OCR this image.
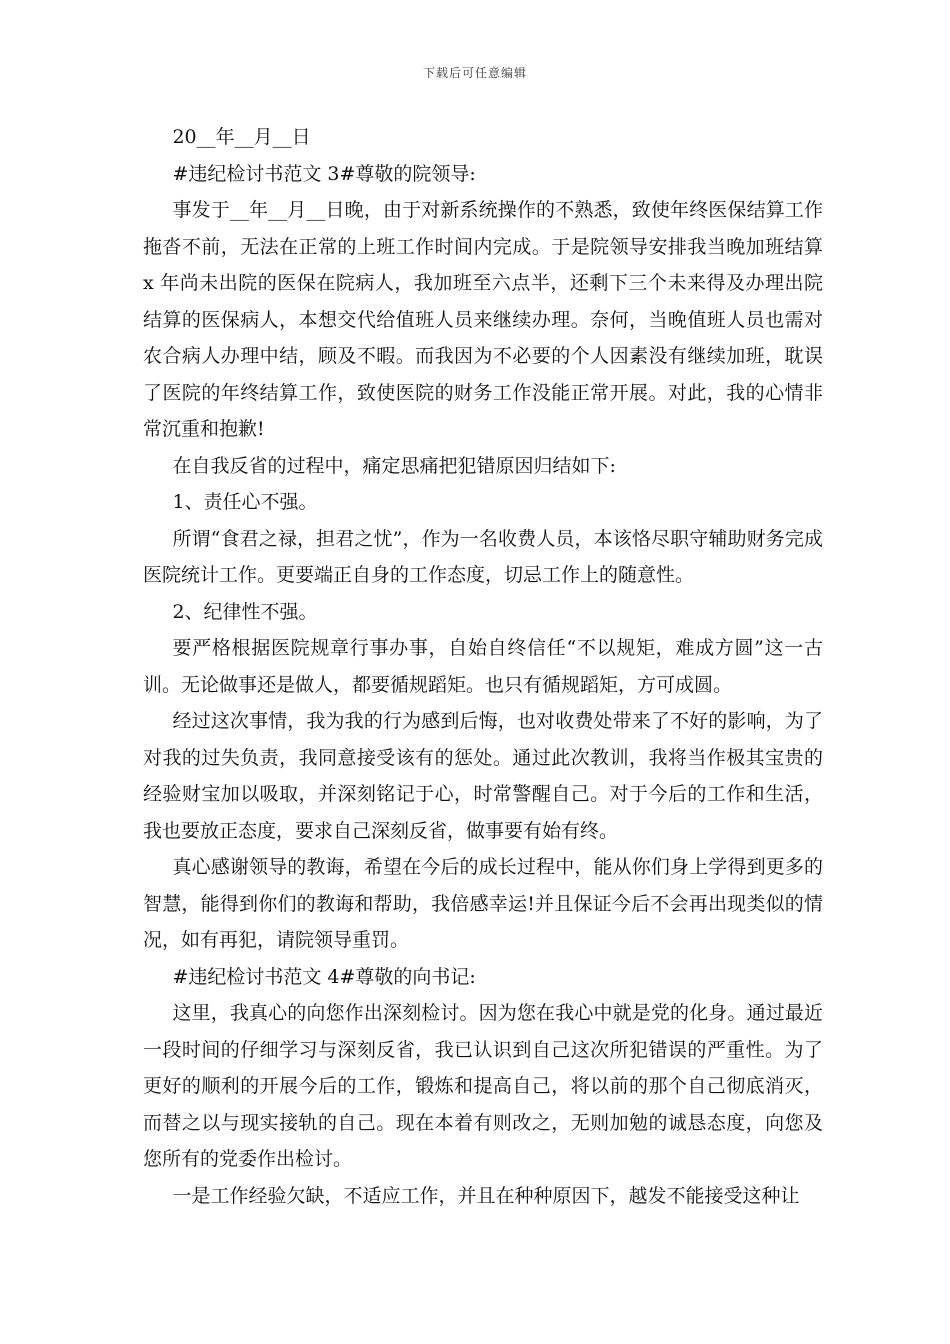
下载后可任意编辑

20__年__月__日

#违纪检讨书范文 3#尊敬的院领导:

事发于__年__月__日晚，由于对新系统操作的不熟悉，致使年终医保结算工作拖沓不前，无法在正常的上班工作时间内完成。于是院领导安排我当晚加班结算 x 年尚未出院的医保在院病人，我加班至六点半，还剩下三个未来得及办理出院结算的医保病人，本想交代给值班人员来继续办理。奈何，当晚值班人员也需对农合病人办理中结，顾及不暇。而我因为不必要的个人因素没有继续加班，耽误了医院的年终结算工作，致使医院的财务工作没能正常开展。对此，我的心情非常沉重和抱歉!

在自我反省的过程中，痛定思痛把犯错原因归结如下:

1、责任心不强。

所谓“食君之禄，担君之忧”，作为一名收费人员，本该恪尽职守辅助财务完成医院统计工作。更要端正自身的工作态度，切忌工作上的随意性。

2、纪律性不强。

要严格根据医院规章行事办事，自始自终信任“不以规矩，难成方圆”这一古训。无论做事还是做人，都要循规蹈矩。也只有循规蹈矩，方可成圆。

经过这次事情，我为我的行为感到后悔，也对收费处带来了不好的影响，为了对我的过失负责，我同意接受该有的惩处。通过此次教训，我将当作极其宝贵的经验财宝加以吸取，并深刻铭记于心，时常警醒自己。对于今后的工作和生活，我也要放正态度，要求自己深刻反省，做事要有始有终。

真心感谢领导的教诲，希望在今后的成长过程中，能从你们身上学得到更多的智慧，能得到你们的教诲和帮助，我倍感幸运!并且保证今后不会再出现类似的情况，如有再犯，请院领导重罚。

#违纪检讨书范文 4#尊敬的向书记:

这里，我真心的向您作出深刻检讨。因为您在我心中就是党的化身。通过最近一段时间的仔细学习与深刻反省，我已认识到自己这次所犯错误的严重性。为了更好的顺利的开展今后的工作，锻炼和提高自己，将以前的那个自己彻底消灭，而替之以与现实接轨的自己。现在本着有则改之，无则加勉的诚恳态度，向您及您所有的党委作出检讨。

一是工作经验欠缺，不适应工作，并且在种种原因下，越发不能接受这种让
